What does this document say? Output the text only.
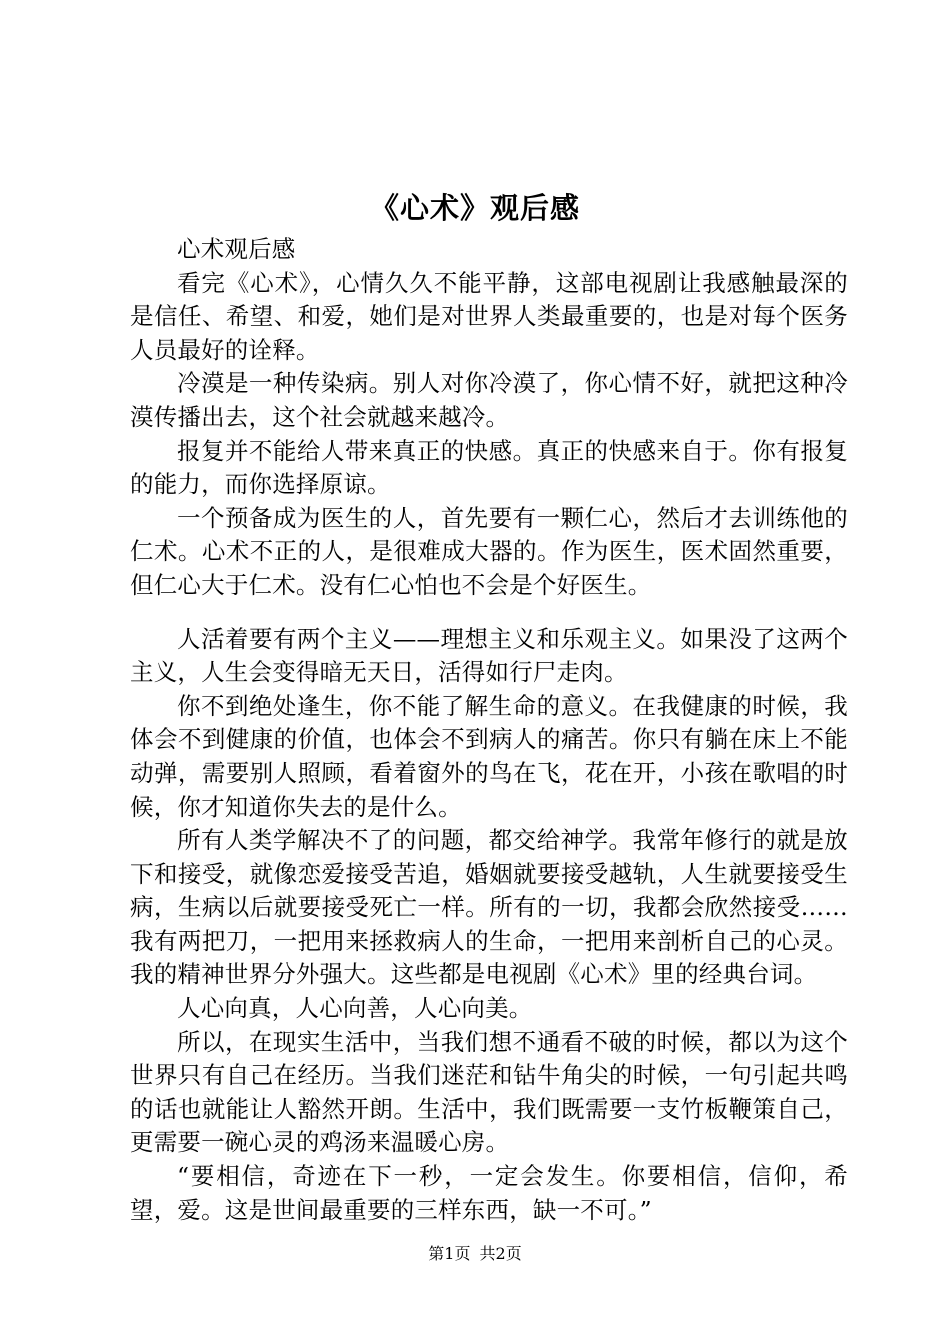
《心术》观后感

心术观后感

看完《心术》，心情久久不能平静，这部电视剧让我感触最深的是信任、希望、和爱，她们是对世界人类最重要的，也是对每个医务人员最好的诠释。

冷漠是一种传染病。别人对你冷漠了，你心情不好，就把这种冷漠传播出去，这个社会就越来越冷。

报复并不能给人带来真正的快感。真正的快感来自于。你有报复的能力，而你选择原谅。

一个预备成为医生的人，首先要有一颗仁心，然后才去训练他的仁术。心术不正的人，是很难成大器的。作为医生，医术固然重要，但仁心大于仁术。没有仁心怕也不会是个好医生。

人活着要有两个主义——理想主义和乐观主义。如果没了这两个主义，人生会变得暗无天日，活得如行尸走肉。

你不到绝处逢生，你不能了解生命的意义。在我健康的时候，我体会不到健康的价值，也体会不到病人的痛苦。你只有躺在床上不能动弹，需要别人照顾，看着窗外的鸟在飞，花在开，小孩在歌唱的时候，你才知道你失去的是什么。

所有人类学解决不了的问题，都交给神学。我常年修行的就是放下和接受，就像恋爱接受苦追，婚姻就要接受越轨，人生就要接受生病，生病以后就要接受死亡一样。所有的一切，我都会欣然接受……我有两把刀，一把用来拯救病人的生命，一把用来剖析自己的心灵。我的精神世界分外强大。这些都是电视剧《心术》里的经典台词。

人心向真，人心向善，人心向美。

所以，在现实生活中，当我们想不通看不破的时候，都以为这个世界只有自己在经历。当我们迷茫和钻牛角尖的时候，一句引起共鸣的话也就能让人豁然开朗。生活中，我们既需要一支竹板鞭策自己，更需要一碗心灵的鸡汤来温暖心房。

“要相信，奇迹在下一秒，一定会发生。你要相信，信仰，希望，爱。这是世间最重要的三样东西，缺一不可。”

第1页 共2页
